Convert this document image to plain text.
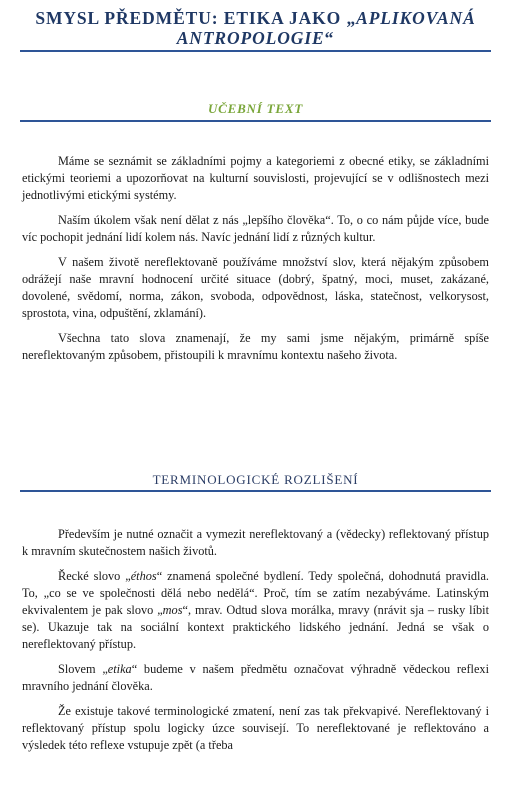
SMYSL PŘEDMĚTU: ETIKA JAKO „APLIKOVANÁ
ANTROPOLOGIE“
UČEBNÍ TEXT

Máme se seznámit se základními pojmy a kategoriemi z obecné etiky, se základními etickými teoriemi a upozorňovat na kulturní souvislosti, projevující se v odlišnostech mezi jednotlivými etickými systémy.

Naším úkolem však není dělat z nás „lepšího člověka“. To, o co nám půjde více, bude víc pochopit jednání lidí kolem nás. Navíc jednání lidí z různých kultur.

V našem životě nereflektovaně používáme množství slov, která nějakým způsobem odrážejí naše mravní hodnocení určité situace (dobrý, špatný, moci, muset, zakázané, dovolené, svědomí, norma, zákon, svoboda, odpovědnost, láska, statečnost, velkorysost, sprostota, vina, odpuštění, zklamání).

Všechna tato slova znamenají, že my sami jsme nějakým, primárně spíše nereflektovaným způsobem, přistoupili k mravnímu kontextu našeho života.

TERMINOLOGICKÉ ROZLIŠENÍ

Především je nutné označit a vymezit nereflektovaný a (vědecky) reflektovaný přístup k mravním skutečnostem našich životů.

Řecké slovo „éthos“ znamená společné bydlení. Tedy společná, dohodnutá pravidla. To, „co se ve společnosti dělá nebo nedělá“. Proč, tím se zatím nezabýváme. Latinským ekvivalentem je pak slovo „mos“, mrav. Odtud slova morálka, mravy (nrávit sja – rusky líbit se). Ukazuje tak na sociální kontext praktického lidského jednání. Jedná se však o nereflektovaný přístup.

Slovem „etika“ budeme v našem předmětu označovat výhradně vědeckou reflexi mravního jednání člověka.

Že existuje takové terminologické zmatení, není zas tak překvapivé. Nereflektovaný i reflektovaný přístup spolu logicky úzce souvisejí. To nereflektované je reflektováno a výsledek této reflexe vstupuje zpět (a třeba
